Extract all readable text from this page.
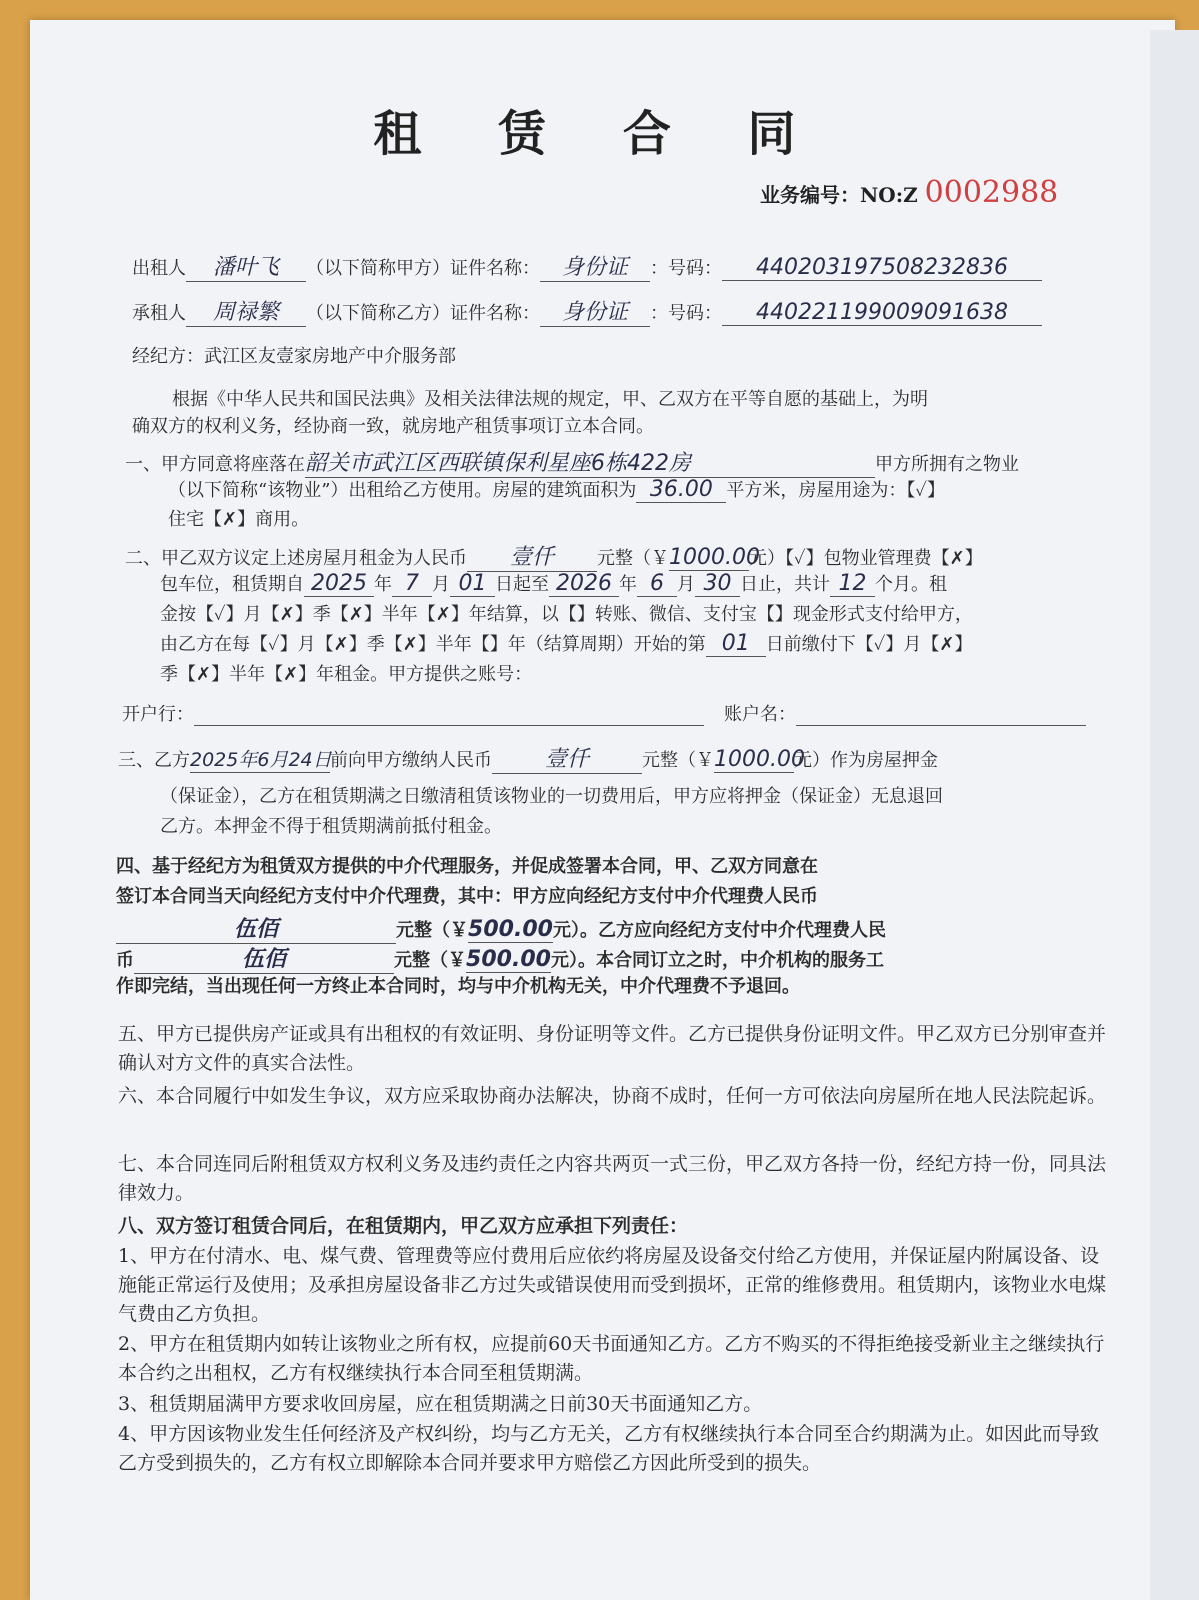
租 赁 合 同
业务编号：NO:Z 0002988
出租人 潘叶飞 （以下简称甲方）证件名称： 身份证 ：号码： 440203197508232836
承租人 周禄繁 （以下简称乙方）证件名称： 身份证 ：号码： 440221199009091638
经纪方：武江区友壹家房地产中介服务部
根据《中华人民共和国民法典》及相关法律法规的规定，甲、乙双方在平等自愿的基础上，为明
确双方的权利义务，经协商一致，就房地产租赁事项订立本合同。
一、甲方同意将座落在韶关市武江区西联镇保利星座6栋422房	甲方所拥有之物业
（以下简称“该物业”）出租给乙方使用。房屋的建筑面积为 36.00 平方米，房屋用途为：【✓】
住宅【✗】商用。
二、甲乙双方议定上述房屋月租金为人民币 壹仟 元整（￥1000.00元）【✓】包物业管理费【✗】
包车位，租赁期自 2025 年 7 月 01 日起至 2026 年 6 月 30 日止，共计 12 个月。租
金按【✓】月【✗】季【✗】半年【✗】年结算，以【】转账、微信、支付宝【】现金形式支付给甲方，
由乙方在每【✓】月【✗】季【✗】半年【】年（结算周期）开始的第 01 日前缴付下【✓】月【✗】
季【✗】半年【✗】年租金。甲方提供之账号：
开户行：	账户名：
三、乙方2025年6月24日前向甲方缴纳人民币 壹仟	元整（￥1000.00元）作为房屋押金
（保证金），乙方在租赁期满之日缴清租赁该物业的一切费用后，甲方应将押金（保证金）无息退回
乙方。本押金不得于租赁期满前抵付租金。
四、基于经纪方为租赁双方提供的中介代理服务，并促成签署本合同，甲、乙双方同意在
签订本合同当天向经纪方支付中介代理费，其中：甲方应向经纪方支付中介代理费人民币
伍佰	元整（￥500.00元）。乙方应向经纪方支付中介代理费人民
币	伍佰	元整（￥500.00元）。本合同订立之时，中介机构的服务工
作即完结，当出现任何一方终止本合同时，均与中介机构无关，中介代理费不予退回。
五、甲方已提供房产证或具有出租权的有效证明、身份证明等文件。乙方已提供身份证明文件。甲乙双方已分别审查并确认对方文件的真实合法性。
六、本合同履行中如发生争议，双方应采取协商办法解决，协商不成时，任何一方可依法向房屋所在地人民法院起诉。
七、本合同连同后附租赁双方权利义务及违约责任之内容共两页一式三份，甲乙双方各持一份，经纪方持一份，同具法律效力。
八、双方签订租赁合同后，在租赁期内，甲乙双方应承担下列责任：
1、甲方在付清水、电、煤气费、管理费等应付费用后应依约将房屋及设备交付给乙方使用，并保证屋内附属设备、设施能正常运行及使用；及承担房屋设备非乙方过失或错误使用而受到损坏，正常的维修费用。租赁期内，该物业水电煤气费由乙方负担。
2、甲方在租赁期内如转让该物业之所有权，应提前60天书面通知乙方。乙方不购买的不得拒绝接受新业主之继续执行本合约之出租权，乙方有权继续执行本合同至租赁期满。
3、租赁期届满甲方要求收回房屋，应在租赁期满之日前30天书面通知乙方。
4、甲方因该物业发生任何经济及产权纠纷，均与乙方无关，乙方有权继续执行本合同至合约期满为止。如因此而导致乙方受到损失的，乙方有权立即解除本合同并要求甲方赔偿乙方因此所受到的损失。
